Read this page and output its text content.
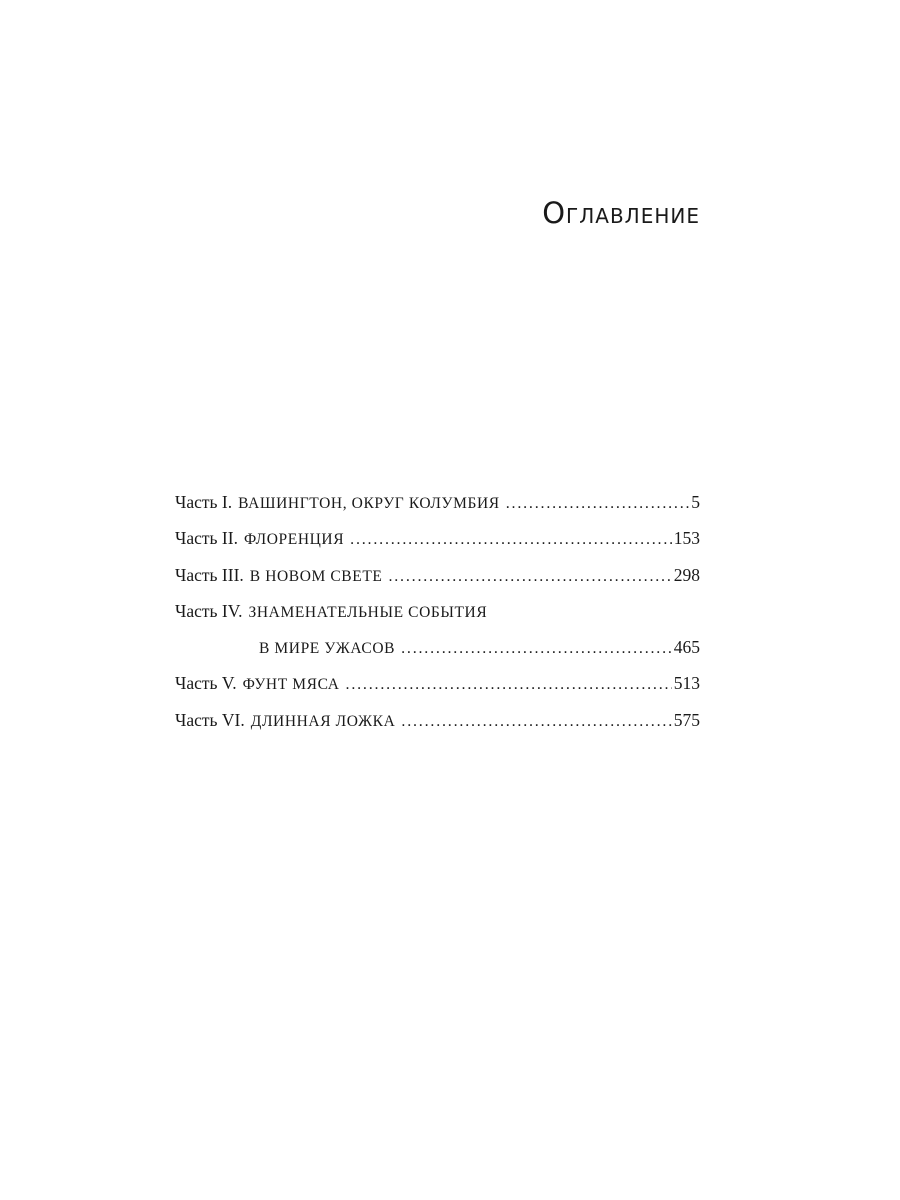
Оглавление
Часть I. ВАШИНГТОН, ОКРУГ КОЛУМБИЯ . . .	5
Часть II. ФЛОРЕНЦИЯ . . .	153
Часть III. В НОВОМ СВЕТЕ . . .	298
Часть IV. ЗНАМЕНАТЕЛЬНЫЕ СОБЫТИЯ
В МИРЕ УЖАСОВ . . .	465
Часть V. ФУНТ МЯСА . . .	513
Часть VI. ДЛИННАЯ ЛОЖКА . . .	575
